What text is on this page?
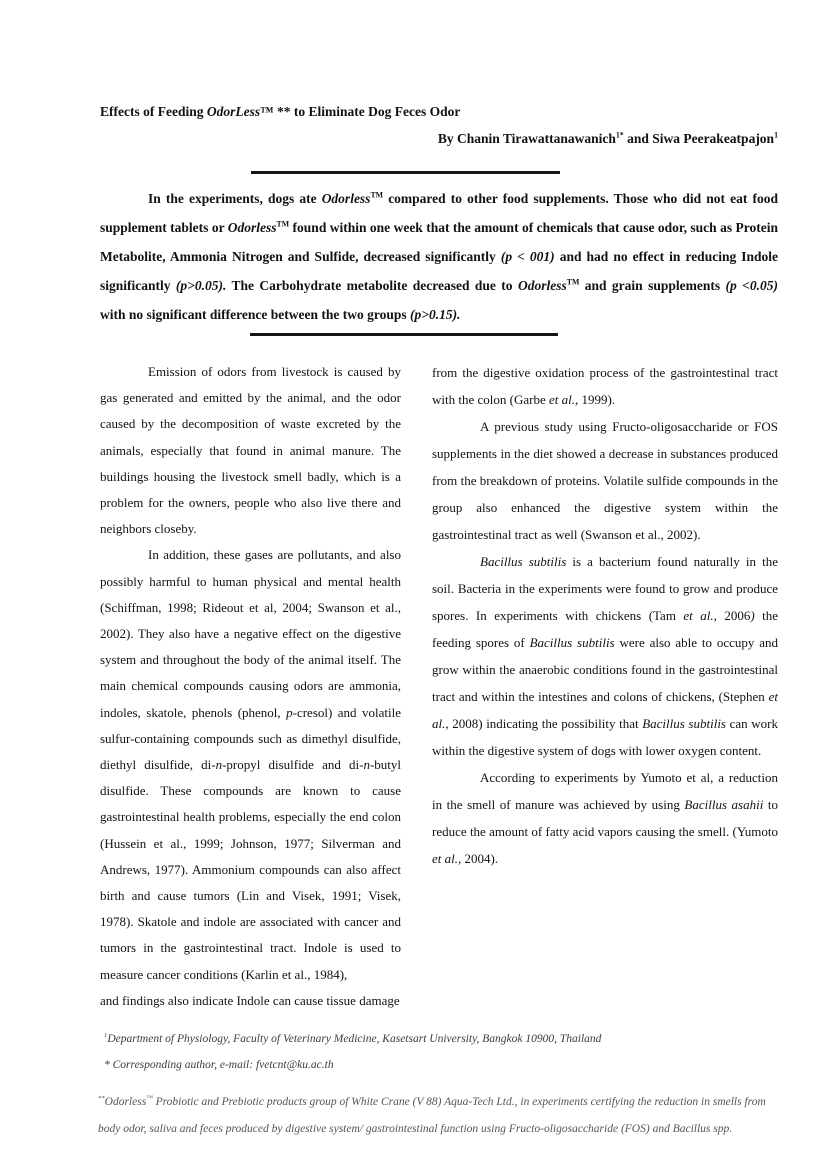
Effects of Feeding OdorLess™ ** to Eliminate Dog Feces Odor
By Chanin Tirawattanawanich$^{1*}$ and Siwa Peerakeatpajon$^1$
In the experiments, dogs ate Odorless™ compared to other food supplements. Those who did not eat food supplement tablets or Odorless™ found within one week that the amount of chemicals that cause odor, such as Protein Metabolite, Ammonia Nitrogen and Sulfide, decreased significantly (p < 001) and had no effect in reducing Indole significantly (p>0.05). The Carbohydrate metabolite decreased due to Odorless™ and grain supplements (p <0.05) with no significant difference between the two groups (p>0.15).

Emission of odors from livestock is caused by gas generated and emitted by the animal, and the odor caused by the decomposition of waste excreted by the animals, especially that found in animal manure. The buildings housing the livestock smell badly, which is a problem for the owners, people who also live there and neighbors closeby.

In addition, these gases are pollutants, and also possibly harmful to human physical and mental health (Schiffman, 1998; Rideout et al, 2004; Swanson et al., 2002). They also have a negative effect on the digestive system and throughout the body of the animal itself. The main chemical compounds causing odors are ammonia, indoles, skatole, phenols (phenol, p-cresol) and volatile sulfur-containing compounds such as dimethyl disulfide, diethyl disulfide, di-n-propyl disulfide and di-n-butyl disulfide. These compounds are known to cause gastrointestinal health problems, especially the end colon (Hussein et al., 1999; Johnson, 1977; Silverman and Andrews, 1977). Ammonium compounds can also affect birth and cause tumors (Lin and Visek, 1991; Visek, 1978). Skatole and indole are associated with cancer and tumors in the gastrointestinal tract. Indole is used to measure cancer conditions (Karlin et al., 1984),

and findings also indicate Indole can cause tissue damage

from the digestive oxidation process of the gastrointestinal tract with the colon (Garbe et al., 1999).

A previous study using Fructo-oligosaccharide or FOS supplements in the diet showed a decrease in substances produced from the breakdown of proteins. Volatile sulfide compounds in the group also enhanced the digestive system within the gastrointestinal tract as well (Swanson et al., 2002).

Bacillus subtilis is a bacterium found naturally in the soil. Bacteria in the experiments were found to grow and produce spores. In experiments with chickens (Tam et al., 2006) the feeding spores of Bacillus subtilis were also able to occupy and grow within the anaerobic conditions found in the gastrointestinal tract and within the intestines and colons of chickens, (Stephen et al., 2008) indicating the possibility that Bacillus subtilis can work within the digestive system of dogs with lower oxygen content.

According to experiments by Yumoto et al, a reduction in the smell of manure was achieved by using Bacillus asahii to reduce the amount of fatty acid vapors causing the smell. (Yumoto et al., 2004).

$^1$Department of Physiology, Faculty of Veterinary Medicine, Kasetsart University, Bangkok 10900, Thailand

* Corresponding author, e-mail: fvetcnt@ku.ac.th

**Odorless™ Probiotic and Prebiotic products group of White Crane (V 88) Aqua-Tech Ltd., in experiments certifying the reduction in smells from body odor, saliva and feces produced by digestive system/ gastrointestinal function using Fructo-oligosaccharide (FOS) and Bacillus spp.
